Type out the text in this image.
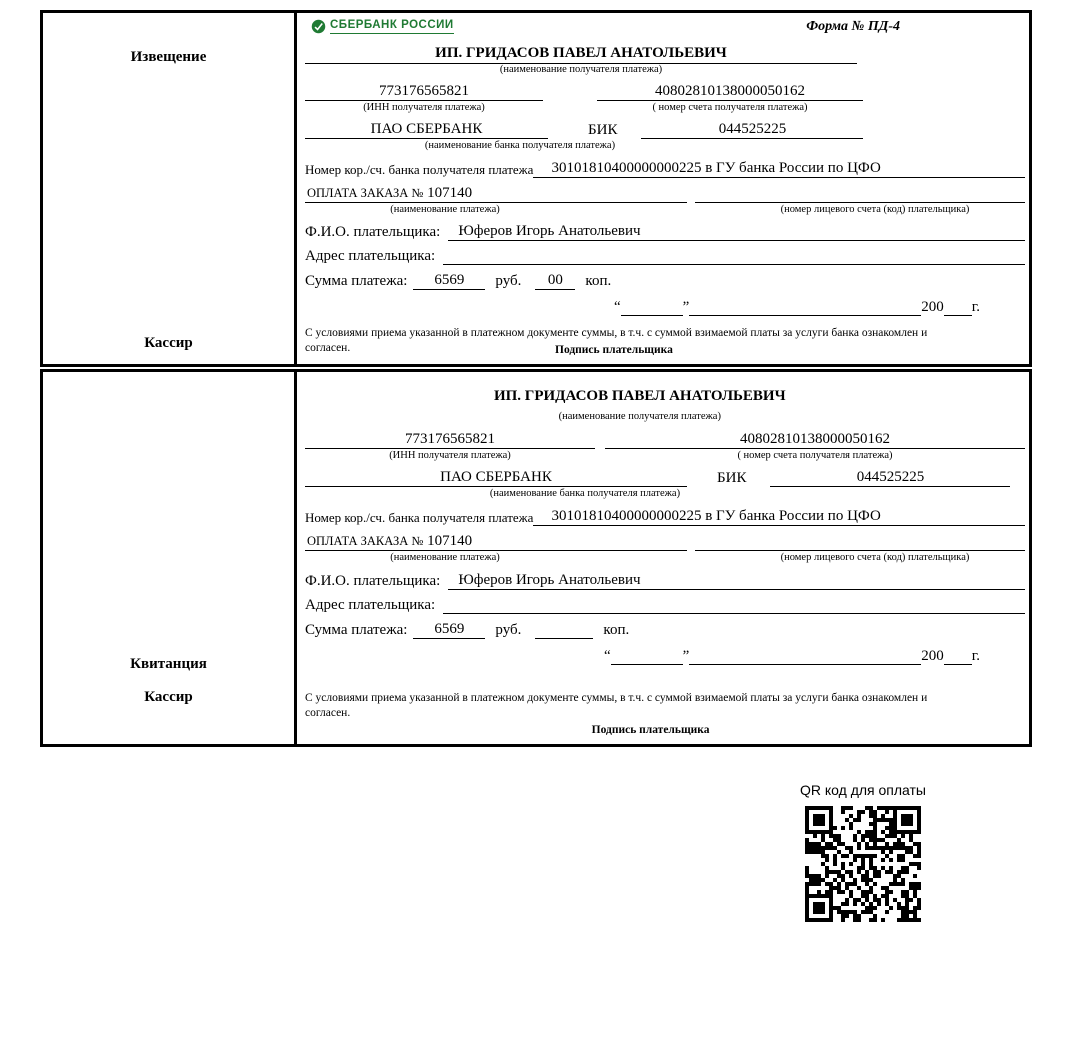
Извещение
Кассир
СБЕРБАНК РОССИИ	Форма № ПД-4
ИП. ГРИДАСОВ ПАВЕЛ АНАТОЛЬЕВИЧ
(наименование получателя платежа)
773176565821	40802810138000050162
(ИНН получателя платежа)	( номер счета получателя платежа)
ПАО СБЕРБАНК	БИК	044525225
(наименование банка получателя платежа)
Номер кор./сч. банка получателя платежа	30101810400000000225 в ГУ банка России по ЦФО
ОПЛАТА ЗАКАЗА № 107140
(наименование платежа)	(номер лицевого счета (код) плательщика)
Ф.И.О. плательщика:	Юферов Игорь Анатольевич
Адрес плательщика:
Сумма платежа:	6569	руб.	00	коп.
“	”	200 г.
С условиями приема указанной в платежном документе суммы, в т.ч. с суммой взимаемой платы за услуги банка ознакомлен и согласен.	Подпись плательщика
Квитанция
Кассир
ИП. ГРИДАСОВ ПАВЕЛ АНАТОЛЬЕВИЧ
(наименование получателя платежа)
773176565821	40802810138000050162
(ИНН получателя платежа)	( номер счета получателя платежа)
ПАО СБЕРБАНК	БИК	044525225
(наименование банка получателя платежа)
Номер кор./сч. банка получателя платежа	30101810400000000225 в ГУ банка России по ЦФО
ОПЛАТА ЗАКАЗА № 107140
(наименование платежа)	(номер лицевого счета (код) плательщика)
Ф.И.О. плательщика:	Юферов Игорь Анатольевич
Адрес плательщика:
Сумма платежа:	6569	руб.	коп.
“	”	200 г.
С условиями приема указанной в платежном документе суммы, в т.ч. с суммой взимаемой платы за услуги банка ознакомлен и согласен.
Подпись плательщика
QR код для оплаты
